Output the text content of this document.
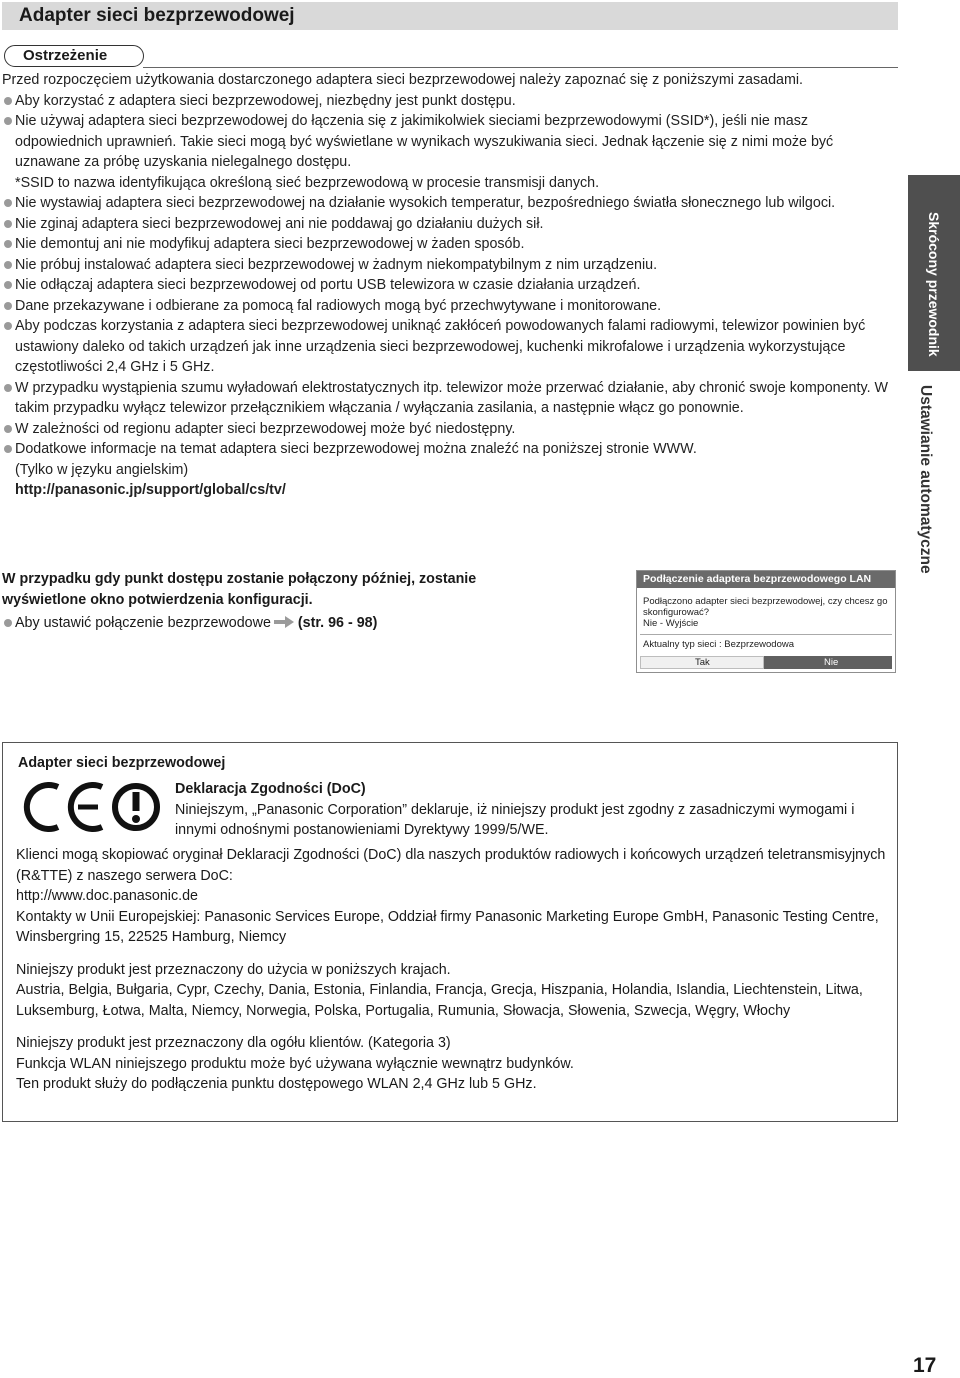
Adapter sieci bezprzewodowej
Ostrzeżenie

Przed rozpoczęciem użytkowania dostarczonego adaptera sieci bezprzewodowej należy zapoznać się z poniższymi zasadami.

Aby korzystać z adaptera sieci bezprzewodowej, niezbędny jest punkt dostępu.

Nie używaj adaptera sieci bezprzewodowej do łączenia się z jakimikolwiek sieciami bezprzewodowymi (SSID*), jeśli nie masz odpowiednich uprawnień. Takie sieci mogą być wyświetlane w wynikach wyszukiwania sieci. Jednak łączenie się z nimi może być uznawane za próbę uzyskania nielegalnego dostępu.

*SSID to nazwa identyfikująca określoną sieć bezprzewodową w procesie transmisji danych.

Nie wystawiaj adaptera sieci bezprzewodowej na działanie wysokich temperatur, bezpośredniego światła słonecznego lub wilgoci.

Nie zginaj adaptera sieci bezprzewodowej ani nie poddawaj go działaniu dużych sił.

Nie demontuj ani nie modyfikuj adaptera sieci bezprzewodowej w żaden sposób.

Nie próbuj instalować adaptera sieci bezprzewodowej w żadnym niekompatybilnym z nim urządzeniu.

Nie odłączaj adaptera sieci bezprzewodowej od portu USB telewizora w czasie działania urządzeń.

Dane przekazywane i odbierane za pomocą fal radiowych mogą być przechwytywane i monitorowane.

Aby podczas korzystania z adaptera sieci bezprzewodowej uniknąć zakłóceń powodowanych falami radiowymi, telewizor powinien być ustawiony daleko od takich urządzeń jak inne urządzenia sieci bezprzewodowej, kuchenki mikrofalowe i urządzenia wykorzystujące częstotliwości 2,4 GHz i 5 GHz.

W przypadku wystąpienia szumu wyładowań elektrostatycznych itp. telewizor może przerwać działanie, aby chronić swoje komponenty. W takim przypadku wyłącz telewizor przełącznikiem włączania / wyłączania zasilania, a następnie włącz go ponownie.

W zależności od regionu adapter sieci bezprzewodowej może być niedostępny.

Dodatkowe informacje na temat adaptera sieci bezprzewodowej można znaleźć na poniższej stronie WWW.

(Tylko w języku angielskim)

http://panasonic.jp/support/global/cs/tv/

W przypadku gdy punkt dostępu zostanie połączony później, zostanie wyświetlone okno potwierdzenia konfiguracji.

Aby ustawić połączenie bezprzewodowe (str. 96 - 98)

Podłączenie adaptera bezprzewodowego LAN
Podłączono adapter sieci bezprzewodowej, czy chcesz go skonfigurować?
Nie - Wyjście
Aktualny typ sieci : Bezprzewodowa
Tak	Nie
Skrócony przewodnik
Ustawianie automatyczne
Adapter sieci bezprzewodowej
Deklaracja Zgodności (DoC)
Niniejszym, „Panasonic Corporation” deklaruje, iż niniejszy produkt jest zgodny z zasadniczymi wymogami i innymi odnośnymi postanowieniami Dyrektywy 1999/5/WE.

Klienci mogą skopiować oryginał Deklaracji Zgodności (DoC) dla naszych produktów radiowych i końcowych urządzeń teletransmisyjnych (R&TTE) z naszego serwera DoC:

http://www.doc.panasonic.de

Kontakty w Unii Europejskiej: Panasonic Services Europe, Oddział firmy Panasonic Marketing Europe GmbH, Panasonic Testing Centre, Winsbergring 15, 22525 Hamburg, Niemcy

Niniejszy produkt jest przeznaczony do użycia w poniższych krajach.

Austria, Belgia, Bułgaria, Cypr, Czechy, Dania, Estonia, Finlandia, Francja, Grecja, Hiszpania, Holandia, Islandia, Liechtenstein, Litwa, Luksemburg, Łotwa, Malta, Niemcy, Norwegia, Polska, Portugalia, Rumunia, Słowacja, Słowenia, Szwecja, Węgry, Włochy

Niniejszy produkt jest przeznaczony dla ogółu klientów. (Kategoria 3)

Funkcja WLAN niniejszego produktu może być używana wyłącznie wewnątrz budynków.

Ten produkt służy do podłączenia punktu dostępowego WLAN 2,4 GHz lub 5 GHz.

17
